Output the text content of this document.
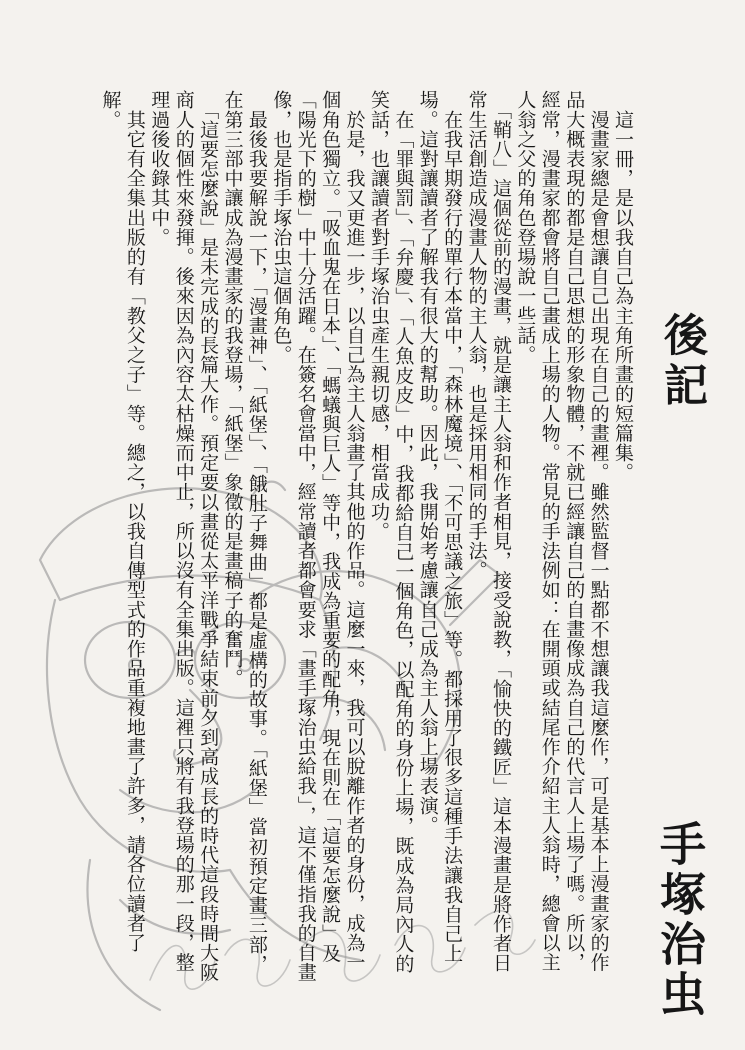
後記
手塚治虫

　這一冊，是以我自己為主角所畫的短篇集。

　漫畫家總是會想讓自己出現在自己的畫裡。雖然監督一點都不想讓我這麼作，可是基本上漫畫家的作品大概表現的都是自己思想的形象物體，不就已經讓自己的自畫像成為自己的代言人上場了嗎。所以，經常，漫畫家都會將自己畫成上場的人物。常見的手法例如：在開頭或結尾作介紹主人翁時，總會以主人翁之父的角色登場說一些話。

　「鞘八」這個從前的漫畫，就是讓主人翁和作者相見，接受說教，「愉快的鐵匠」這本漫畫是將作者日常生活創造成漫畫人物的主人翁，也是採用相同的手法。

　在我早期發行的單行本當中，「森林魔境」、「不可思議之旅」等。都採用了很多這種手法讓我自己上場。這對讓讀者了解我有很大的幫助。因此，我開始考慮讓自己成為主人翁上場表演。

　在「罪與罰」、「弁慶」、「人魚皮皮」中，我都給自己一個角色，以配角的身份上場，既成為局內人的笑話，也讓讀者對手塚治虫產生親切感，相當成功。

　於是，我又更進一步，以自己為主人翁畫了其他的作品。這麼一來，我可以脫離作者的身份，成為一個角色獨立。「吸血鬼在日本」、「螞蟻與巨人」等中，我成為重要的配角，現在則在「這要怎麼說」及「陽光下的樹」中十分活躍。在簽名會當中，經常讀者都會要求「畫手塚治虫給我」，這不僅指我的自畫像，也是指手塚治虫這個角色。

　最後我要解說一下，「漫畫神」、「紙堡」、「餓肚子舞曲」都是虛構的故事。「紙堡」當初預定畫三部，在第三部中讓成為漫畫家的我登場，「紙堡」象徵的是畫稿子的奮鬥。

　「這要怎麼說」是未完成的長篇大作。預定要以畫從太平洋戰爭結束前夕到高成長的時代這段時間大阪商人的個性來發揮。後來因為內容太枯燥而中止，所以沒有全集出版。這裡只將有我登場的那一段，整理過後收錄其中。

　其它有全集出版的有「教父之子」等。總之，以我自傳型式的作品重複地畫了許多，請各位讀者了解。
